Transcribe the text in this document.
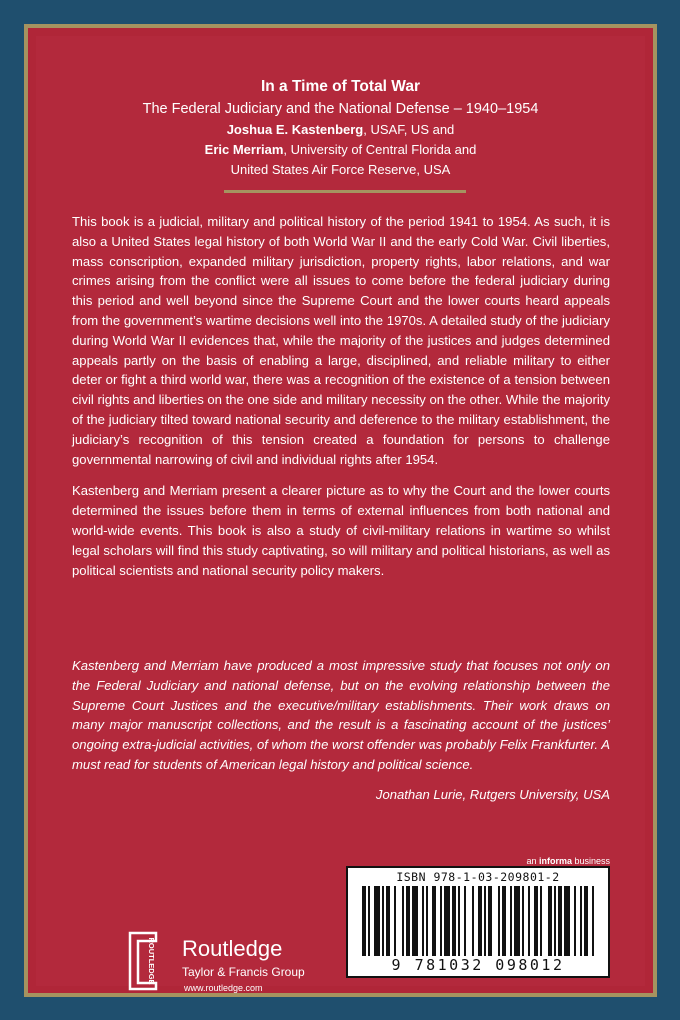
In a Time of Total War
The Federal Judiciary and the National Defense – 1940–1954
Joshua E. Kastenberg, USAF, US and
Eric Merriam, University of Central Florida and
United States Air Force Reserve, USA
ROUTLEDGE Routledge
Taylor & Francis Group
www.routledge.com

This book is a judicial, military and political history of the period 1941 to 1954. As such, it is also a United States legal history of both World War II and the early Cold War. Civil liberties, mass conscription, expanded military jurisdiction, property rights, labor relations, and war crimes arising from the conflict were all issues to come before the federal judiciary during this period and well beyond since the Supreme Court and the lower courts heard appeals from the government’s wartime decisions well into the 1970s. A detailed study of the judiciary during World War II evidences that, while the majority of the justices and judges determined appeals partly on the basis of enabling a large, disciplined, and reliable military to either deter or fight a third world war, there was a recognition of the existence of a tension between civil rights and liberties on the one side and military necessity on the other. While the majority of the judiciary tilted toward national security and deference to the military establishment, the judiciary’s recognition of this tension created a foundation for persons to challenge governmental narrowing of civil and individual rights after 1954.

Kastenberg and Merriam present a clearer picture as to why the Court and the lower courts determined the issues before them in terms of external influences from both national and world-wide events. This book is also a study of civil-military relations in wartime so whilst legal scholars will find this study captivating, so will military and political historians, as well as political scientists and national security policy makers.

Kastenberg and Merriam have produced a most impressive study that focuses not only on the Federal Judiciary and national defense, but on the evolving relationship between the Supreme Court Justices and the executive/military establishments. Their work draws on many major manuscript collections, and the result is a fascinating account of the justices’ ongoing extra-judicial activities, of whom the worst offender was probably Felix Frankfurter. A must read for students of American legal history and political science.
Jonathan Lurie, Rutgers University, USA
an informa business
ISBN 978-1-03-209801-2
9 781032 098012
